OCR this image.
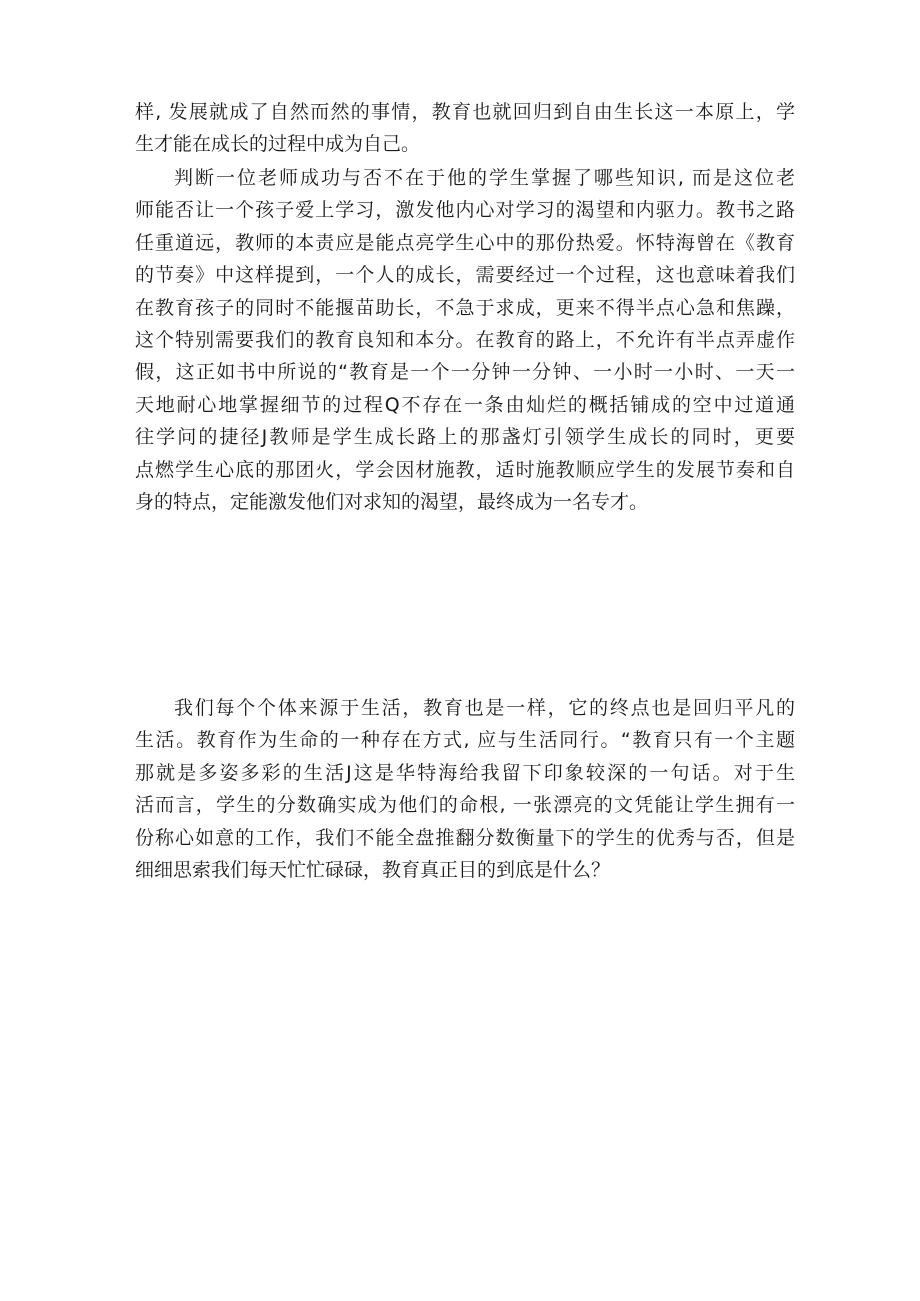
样, 发展就成了自然而然的事情，教育也就回归到自由生长这一本原上，学
生才能在成长的过程中成为自己。
判断一位老师成功与否不在于他的学生掌握了哪些知识, 而是这位老
师能否让一个孩子爱上学习，激发他内心对学习的渴望和内驱力。教书之路
任重道远，教师的本责应是能点亮学生心中的那份热爱。怀特海曾在《教育
的节奏》中这样提到，一个人的成长，需要经过一个过程，这也意味着我们
在教育孩子的同时不能揠苗助长，不急于求成，更来不得半点心急和焦躁，
这个特别需要我们的教育良知和本分。在教育的路上，不允许有半点弄虚作
假，这正如书中所说的“教育是一个一分钟一分钟、一小时一小时、一天一
天地耐心地掌握细节的过程Q不存在一条由灿烂的概括铺成的空中过道通
往学问的捷径J教师是学生成长路上的那盏灯引领学生成长的同时，更要
点燃学生心底的那团火，学会因材施教，适时施教顺应学生的发展节奏和自
身的特点，定能激发他们对求知的渴望，最终成为一名专才。
我们每个个体来源于生活，教育也是一样，它的终点也是回归平凡的
生活。教育作为生命的一种存在方式, 应与生活同行。“教育只有一个主题
那就是多姿多彩的生活J这是华特海给我留下印象较深的一句话。对于生
活而言，学生的分数确实成为他们的命根, 一张漂亮的文凭能让学生拥有一
份称心如意的工作，我们不能全盘推翻分数衡量下的学生的优秀与否，但是
细细思索我们每天忙忙碌碌，教育真正目的到底是什么？
